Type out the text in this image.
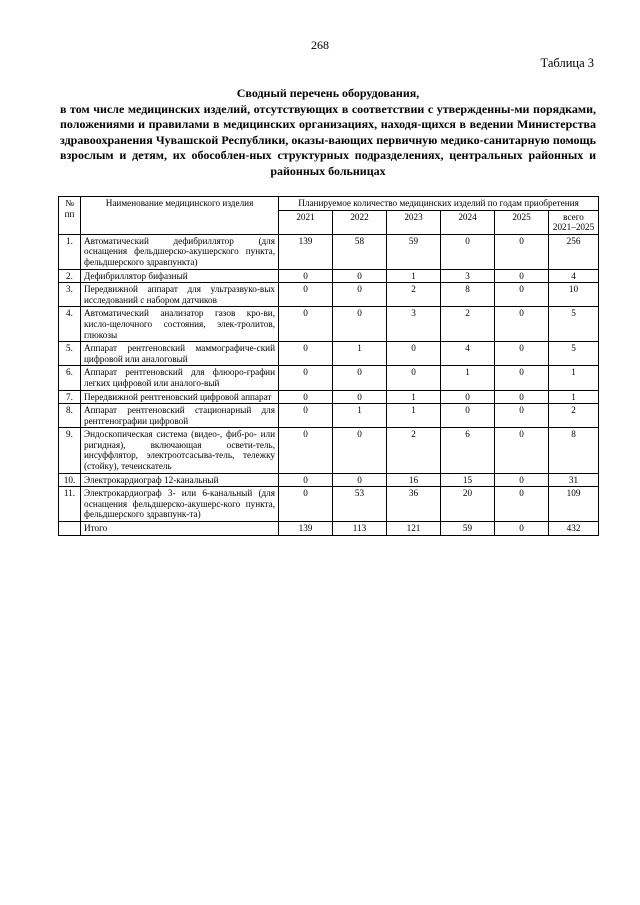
268
Таблица 3
Сводный перечень оборудования,
в том числе медицинских изделий, отсутствующих в соответствии с утвержденны-ми порядками, положениями и правилами в медицинских организациях, находя-щихся в ведении Министерства здравоохранения Чувашской Республики, оказы-вающих первичную медико-санитарную помощь взрослым и детям, их обособлен-ных структурных подразделениях, центральных районных и районных больницах
№ пп	Наименование медицинского изделия	Планируемое количество медицинских изделий по годам приобретения					
		2021	2022	2023	2024	2025	всего 2021–2025
1.	Автоматический дефибриллятор (для оснащения фельдшерско-акушерского пункта, фельдшерского здравпункта)	139	58	59	0	0	256
2.	Дефибриллятор бифазный	0	0	1	3	0	4
3.	Передвижной аппарат для ультразвуко-вых исследований с набором датчиков	0	0	2	8	0	10
4.	Автоматический анализатор газов кро-ви, кисло-щелочного состояния, элек-тролитов, глюкозы	0	0	3	2	0	5
5.	Аппарат рентгеновский маммографиче-ский цифровой или аналоговый	0	1	0	4	0	5
6.	Аппарат рентгеновский для флюоро-графии легких цифровой или аналого-вый	0	0	0	1	0	1
7.	Передвижной рентгеновский цифровой аппарат	0	0	1	0	0	1
8.	Аппарат рентгеновский стационарный для рентгенографии цифровой	0	1	1	0	0	2
9.	Эндоскопическая система (видео-, фиб-ро- или ригидная), включающая освети-тель, инсуффлятор, электроотсасыва-тель, тележку (стойку), течеискатель	0	0	2	6	0	8
10.	Электрокардиограф 12-канальный	0	0	16	15	0	31
11.	Электрокардиограф 3- или 6-канальный (для оснащения фельдшерско-акушерс-кого пункта, фельдшерского здравпунк-та)	0	53	36	20	0	109
	Итого	139	113	121	59	0	432
